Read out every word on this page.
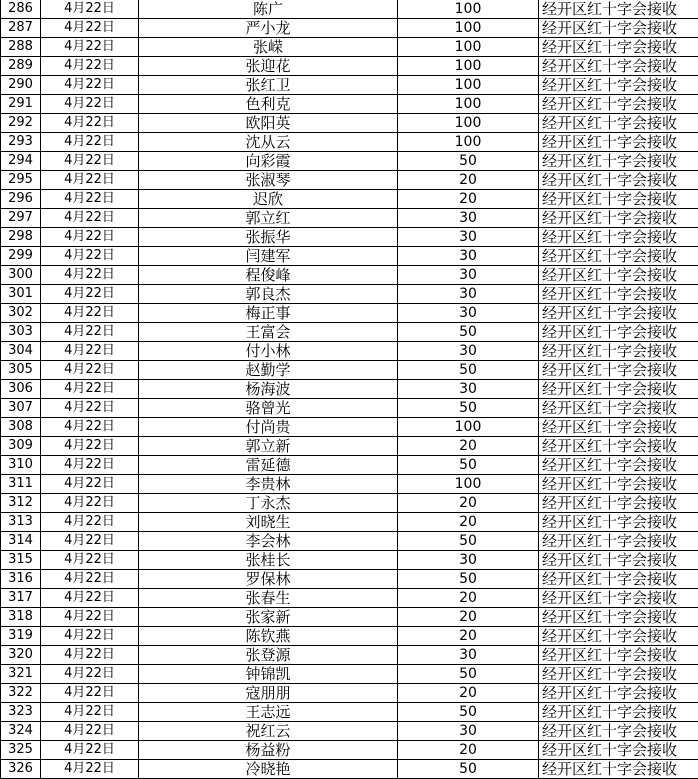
286	4月22日	陈广	100	经开区红十字会接收
287	4月22日	严小龙	100	经开区红十字会接收
288	4月22日	张嵘	100	经开区红十字会接收
289	4月22日	张迎花	100	经开区红十字会接收
290	4月22日	张红卫	100	经开区红十字会接收
291	4月22日	色利克	100	经开区红十字会接收
292	4月22日	欧阳英	100	经开区红十字会接收
293	4月22日	沈从云	100	经开区红十字会接收
294	4月22日	向彩霞	50	经开区红十字会接收
295	4月22日	张淑琴	20	经开区红十字会接收
296	4月22日	迟欣	20	经开区红十字会接收
297	4月22日	郭立红	30	经开区红十字会接收
298	4月22日	张振华	30	经开区红十字会接收
299	4月22日	闫建军	30	经开区红十字会接收
300	4月22日	程俊峰	30	经开区红十字会接收
301	4月22日	郭良杰	30	经开区红十字会接收
302	4月22日	梅正事	30	经开区红十字会接收
303	4月22日	王富会	50	经开区红十字会接收
304	4月22日	付小林	30	经开区红十字会接收
305	4月22日	赵勤学	50	经开区红十字会接收
306	4月22日	杨海波	30	经开区红十字会接收
307	4月22日	骆曾光	50	经开区红十字会接收
308	4月22日	付尚贵	100	经开区红十字会接收
309	4月22日	郭立新	20	经开区红十字会接收
310	4月22日	雷延德	50	经开区红十字会接收
311	4月22日	李贵林	100	经开区红十字会接收
312	4月22日	丁永杰	20	经开区红十字会接收
313	4月22日	刘晓生	20	经开区红十字会接收
314	4月22日	李会林	50	经开区红十字会接收
315	4月22日	张桂长	30	经开区红十字会接收
316	4月22日	罗保林	50	经开区红十字会接收
317	4月22日	张春生	20	经开区红十字会接收
318	4月22日	张家新	20	经开区红十字会接收
319	4月22日	陈钦燕	20	经开区红十字会接收
320	4月22日	张登源	30	经开区红十字会接收
321	4月22日	钟锦凯	50	经开区红十字会接收
322	4月22日	寇朋朋	20	经开区红十字会接收
323	4月22日	王志远	50	经开区红十字会接收
324	4月22日	祝红云	30	经开区红十字会接收
325	4月22日	杨益粉	20	经开区红十字会接收
326	4月22日	冷晓艳	50	经开区红十字会接收
